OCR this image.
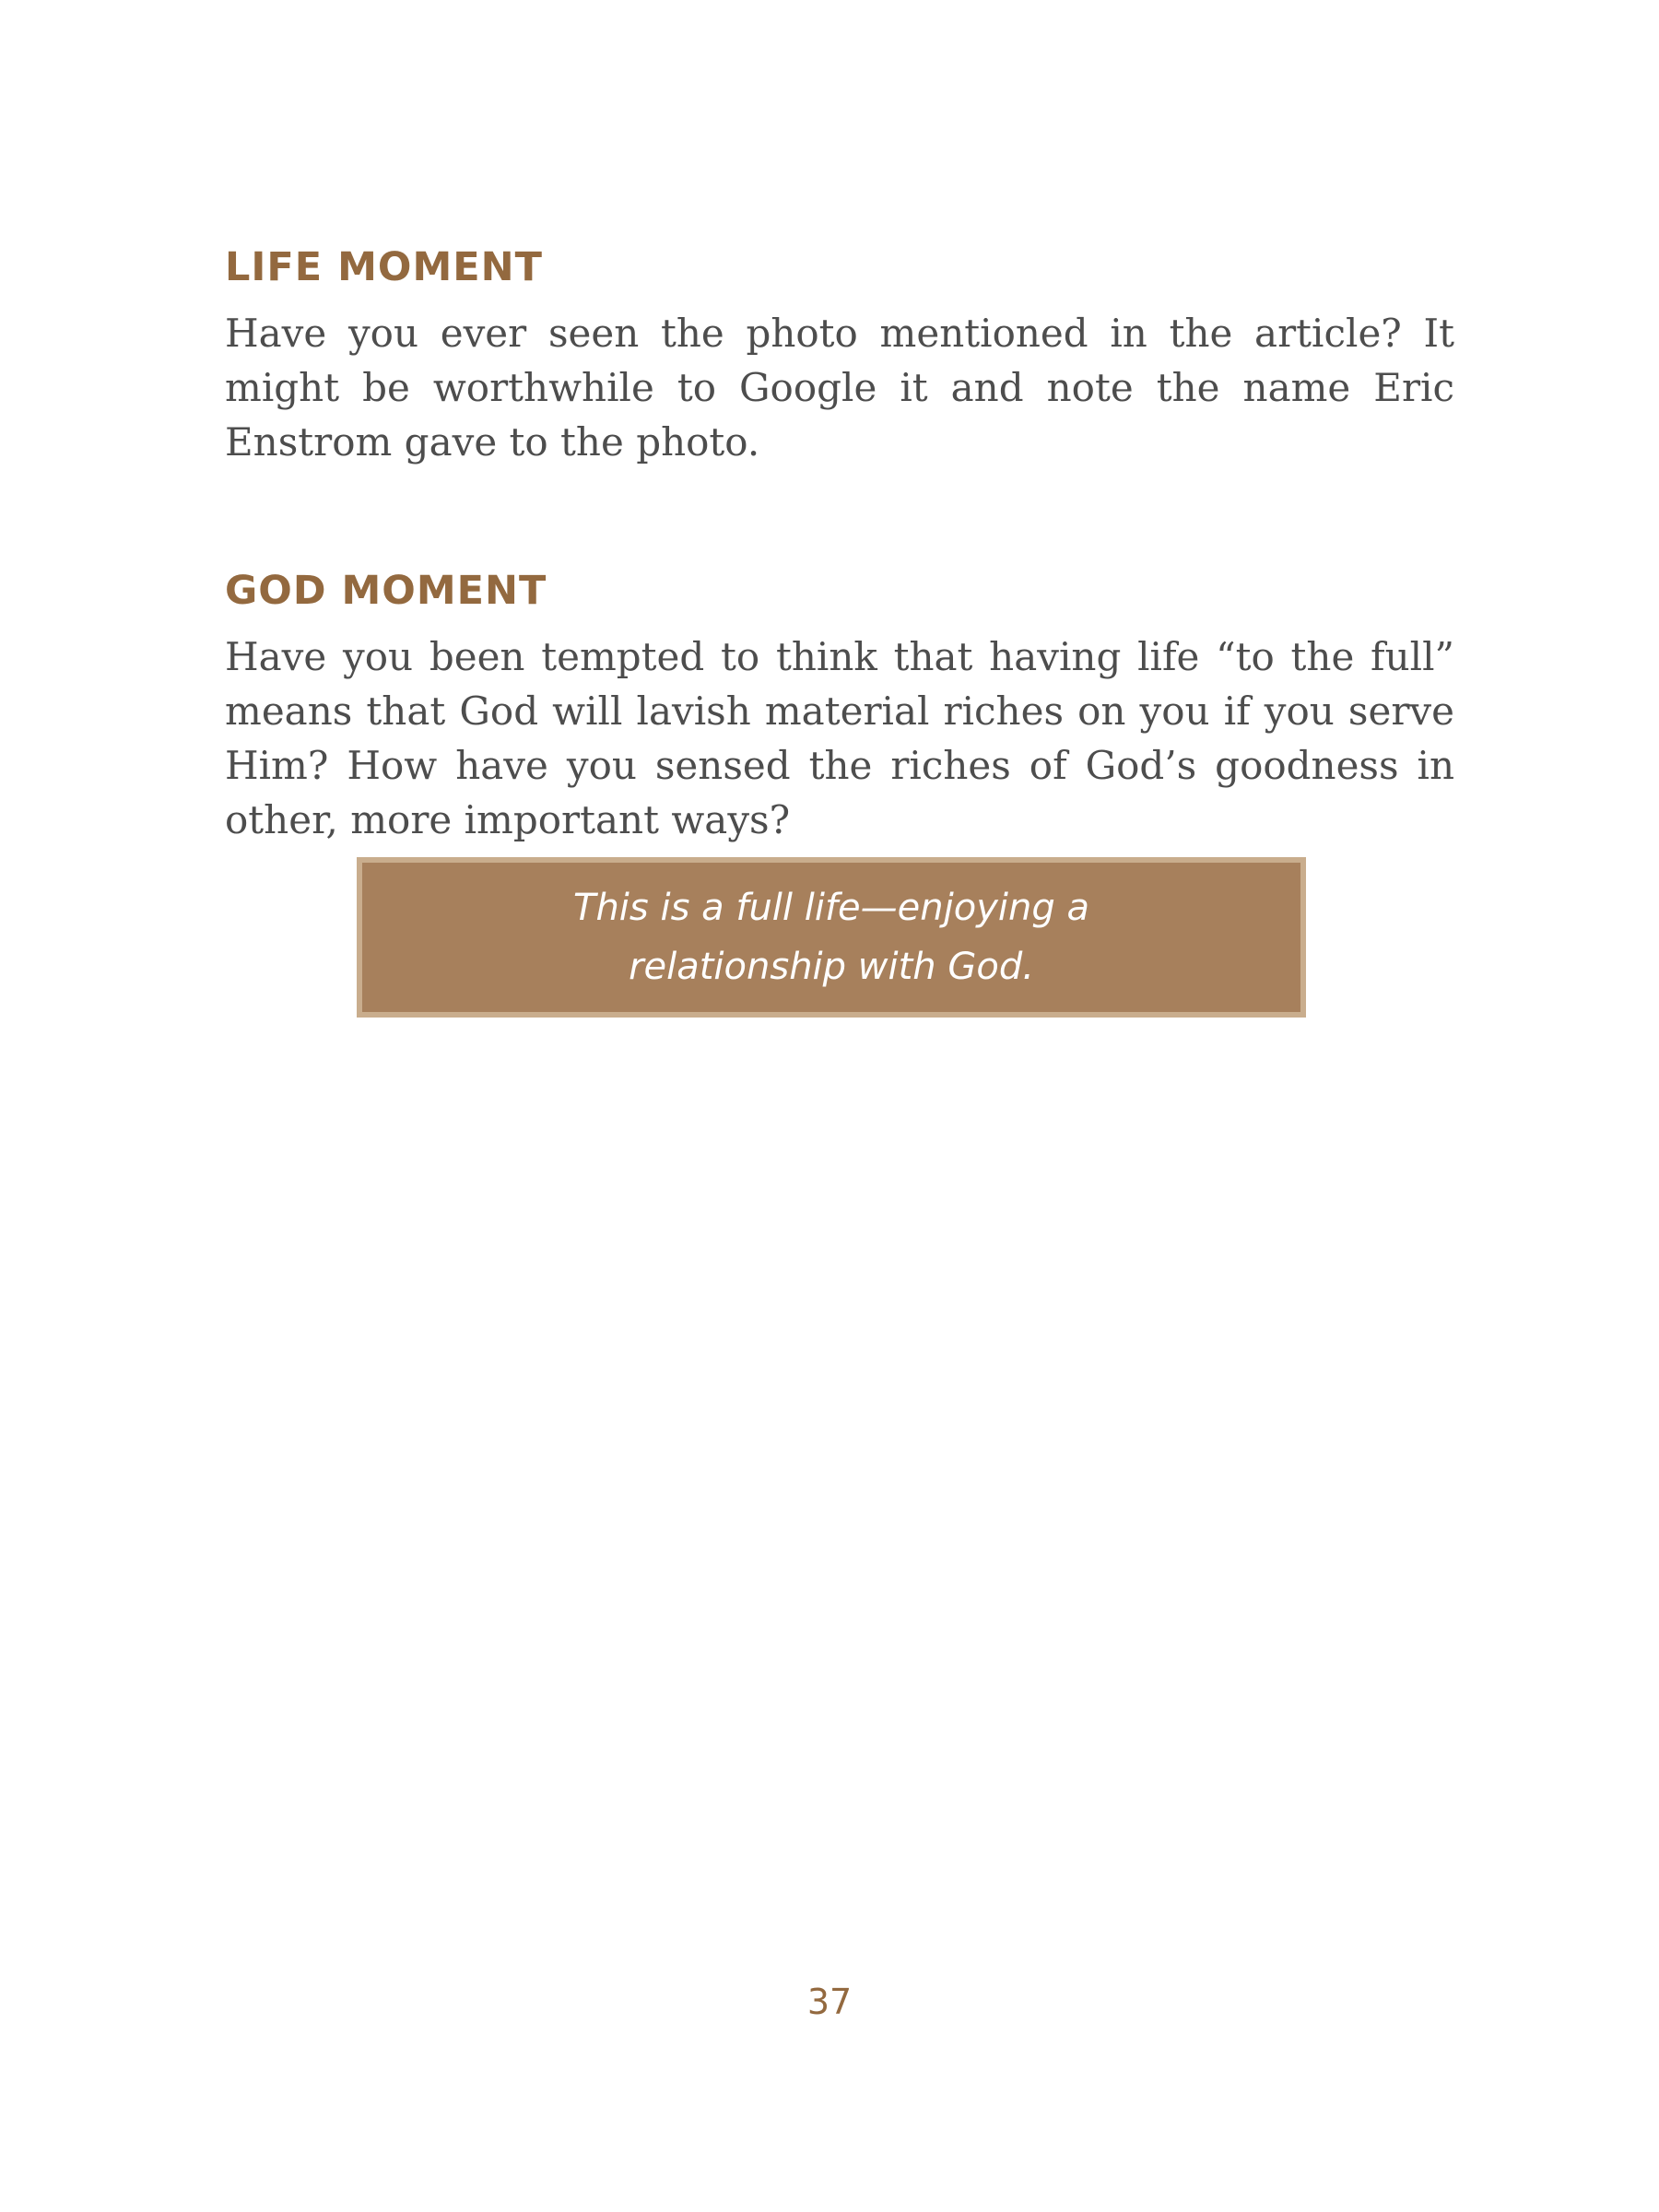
LIFE MOMENT

Have you ever seen the photo mentioned in the article? It might be worthwhile to Google it and note the name Eric Enstrom gave to the photo.

GOD MOMENT

Have you been tempted to think that having life “to the full” means that God will lavish material riches on you if you serve Him? How have you sensed the riches of God’s goodness in other, more important ways?

This is a full life—enjoying a relationship with God.

37
